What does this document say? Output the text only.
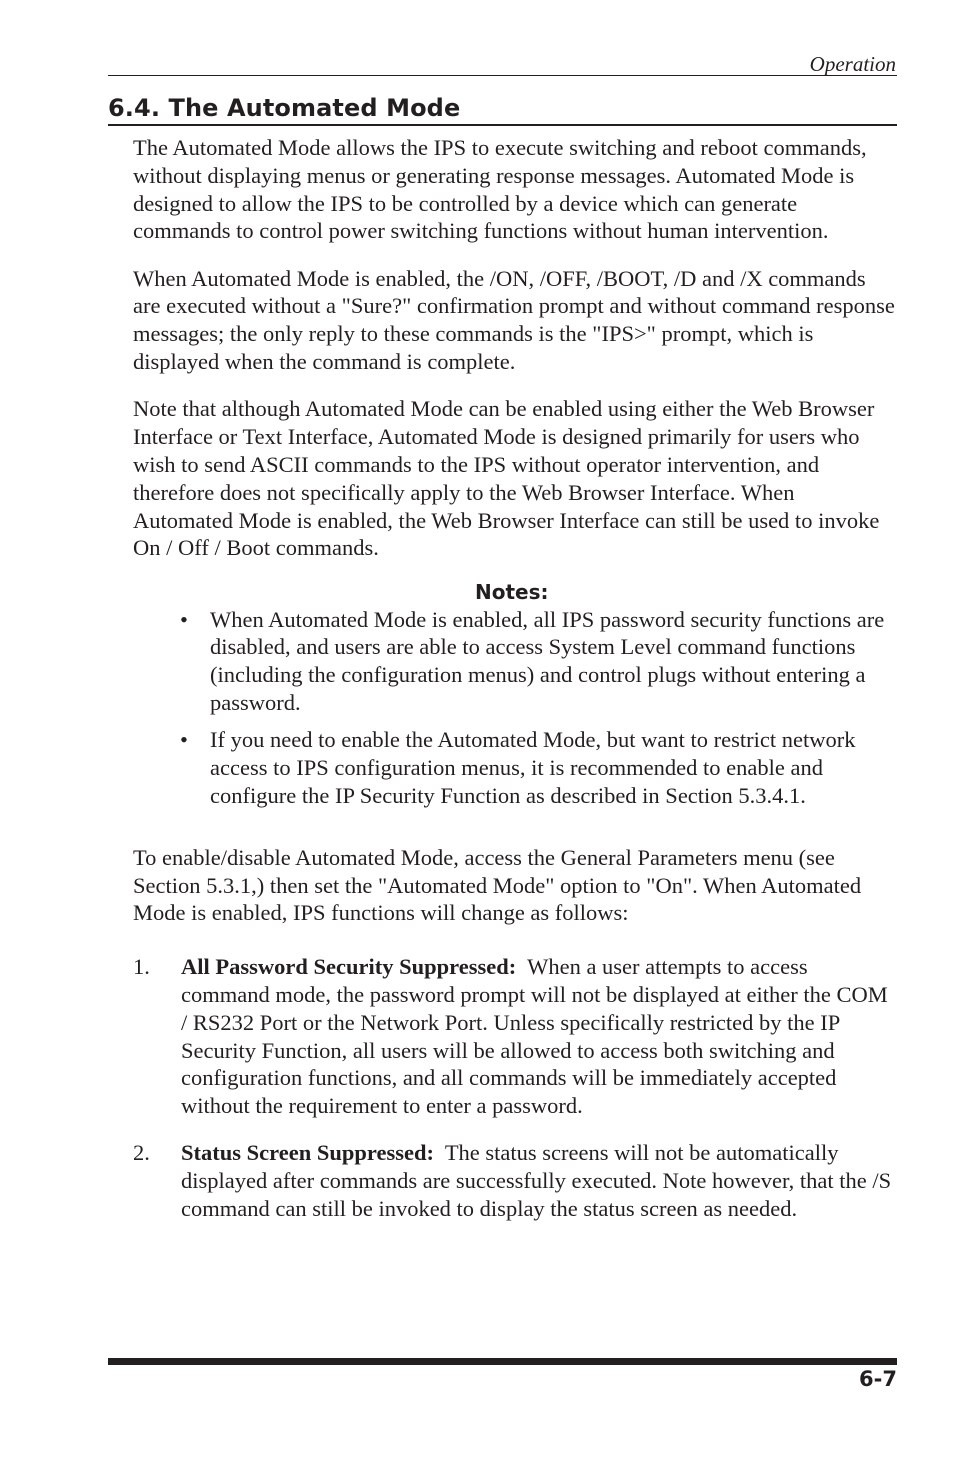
Operation
6.4. The Automated Mode

The Automated Mode allows the IPS to execute switching and reboot commands, without displaying menus or generating response messages. Automated Mode is designed to allow the IPS to be controlled by a device which can generate commands to control power switching functions without human intervention.

When Automated Mode is enabled, the /ON, /OFF, /BOOT, /D and /X commands are executed without a "Sure?" confirmation prompt and without command response messages; the only reply to these commands is the "IPS>" prompt, which is displayed when the command is complete.

Note that although Automated Mode can be enabled using either the Web Browser Interface or Text Interface, Automated Mode is designed primarily for users who wish to send ASCII commands to the IPS without operator intervention, and therefore does not specifically apply to the Web Browser Interface. When Automated Mode is enabled, the Web Browser Interface can still be used to invoke On / Off / Boot commands.

Notes:
• When Automated Mode is enabled, all IPS password security functions are disabled, and users are able to access System Level command functions (including the configuration menus) and control plugs without entering a password.

• If you need to enable the Automated Mode, but want to restrict network access to IPS configuration menus, it is recommended to enable and configure the IP Security Function as described in Section 5.3.4.1.

To enable/disable Automated Mode, access the General Parameters menu (see Section 5.3.1,) then set the "Automated Mode" option to "On". When Automated Mode is enabled, IPS functions will change as follows:

1. All Password Security Suppressed: When a user attempts to access command mode, the password prompt will not be displayed at either the COM / RS232 Port or the Network Port. Unless specifically restricted by the IP Security Function, all users will be allowed to access both switching and configuration functions, and all commands will be immediately accepted without the requirement to enter a password.

2. Status Screen Suppressed: The status screens will not be automatically displayed after commands are successfully executed. Note however, that the /S command can still be invoked to display the status screen as needed.

6-7
